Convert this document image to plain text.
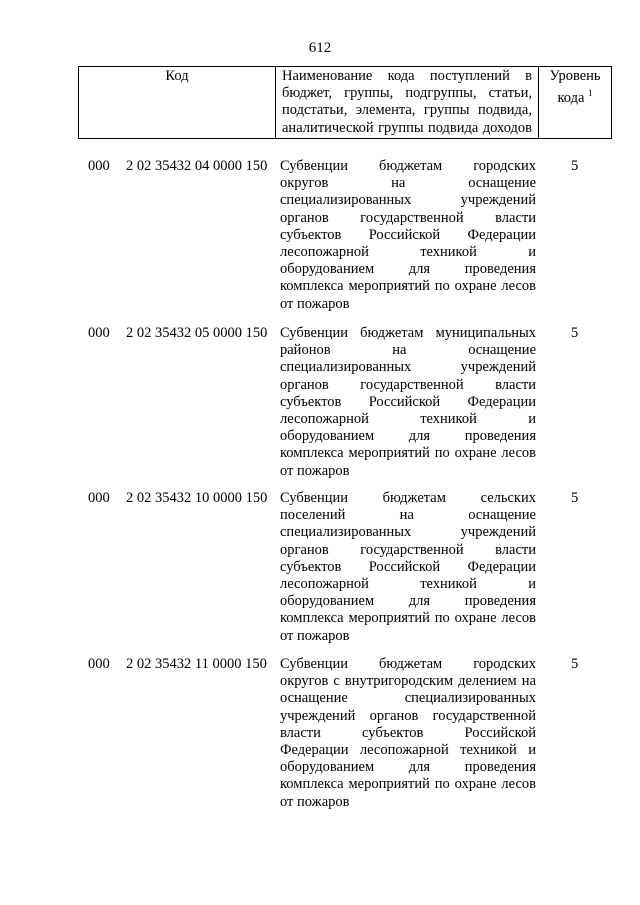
612
Код	Наименование кода поступлений в
бюджет, группы, подгруппы, статьи,
подстатьи, элемента, группы подвида,
аналитической группы подвида доходов
Уровень
кода $^1$
000 2 02 35432 04 0000 150 Субвенции бюджетам городских
округов на оснащение
специализированных учреждений
органов государственной власти
субъектов Российской Федерации
лесопожарной техникой и
оборудованием для проведения
комплекса мероприятий по охране лесов
от пожаров
5
000 2 02 35432 05 0000 150 Субвенции бюджетам муниципальных
районов на оснащение
специализированных учреждений
органов государственной власти
субъектов Российской Федерации
лесопожарной техникой и
оборудованием для проведения
комплекса мероприятий по охране лесов
от пожаров
5
000 2 02 35432 10 0000 150 Субвенции бюджетам сельских
поселений на оснащение
специализированных учреждений
органов государственной власти
субъектов Российской Федерации
лесопожарной техникой и
оборудованием для проведения
комплекса мероприятий по охране лесов
от пожаров
5
000 2 02 35432 11 0000 150 Субвенции бюджетам городских
округов с внутригородским делением на
оснащение специализированных
учреждений органов государственной
власти субъектов Российской
Федерации лесопожарной техникой и
оборудованием для проведения
комплекса мероприятий по охране лесов
от пожаров
5
